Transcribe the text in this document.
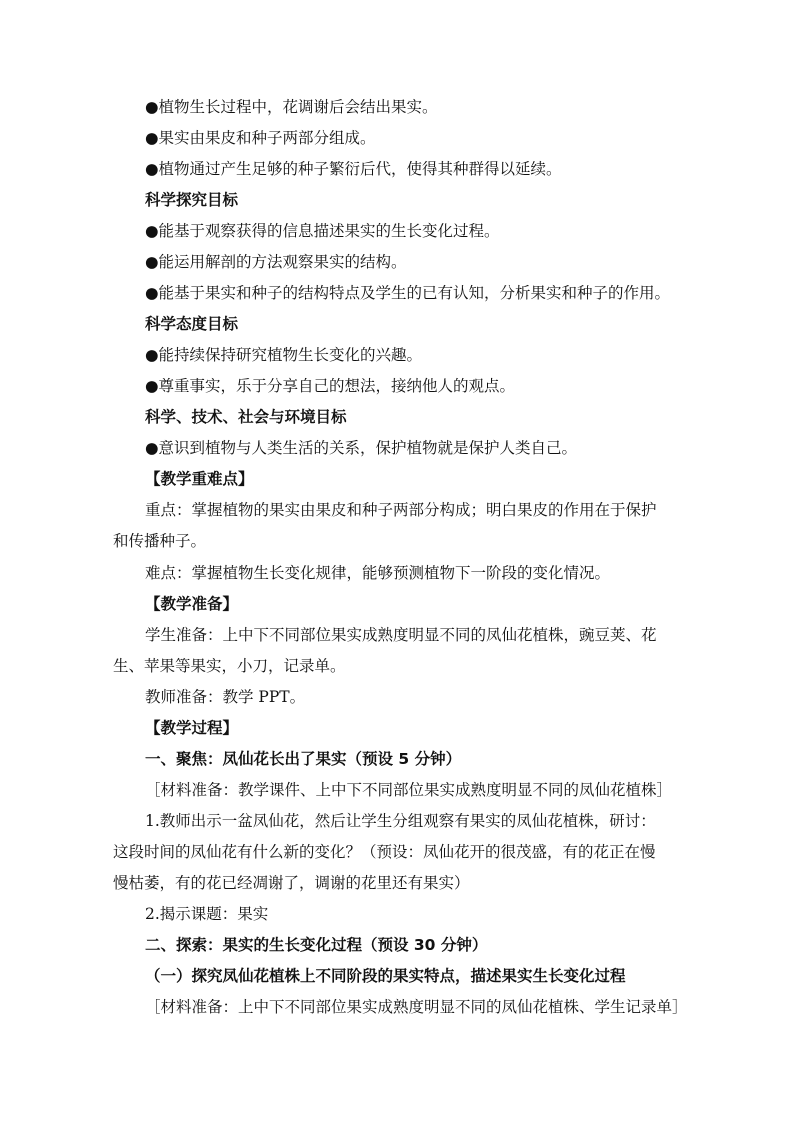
●植物生长过程中，花调谢后会结出果实。
●果实由果皮和种子两部分组成。
●植物通过产生足够的种子繁衍后代，使得其种群得以延续。
科学探究目标
●能基于观察获得的信息描述果实的生长变化过程。
●能运用解剖的方法观察果实的结构。
●能基于果实和种子的结构特点及学生的已有认知，分析果实和种子的作用。
科学态度目标
●能持续保持研究植物生长变化的兴趣。
●尊重事实，乐于分享自己的想法，接纳他人的观点。
科学、技术、社会与环境目标
●意识到植物与人类生活的关系，保护植物就是保护人类自己。
【教学重难点】
重点：掌握植物的果实由果皮和种子两部分构成；明白果皮的作用在于保护
和传播种子。
难点：掌握植物生长变化规律，能够预测植物下一阶段的变化情况。
【教学准备】
学生准备：上中下不同部位果实成熟度明显不同的凤仙花植株，豌豆荚、花
生、苹果等果实，小刀，记录单。
教师准备：教学 PPT。
【教学过程】
一、聚焦：凤仙花长出了果实（预设 5 分钟）
［材料准备：教学课件、上中下不同部位果实成熟度明显不同的凤仙花植株］
1.教师出示一盆凤仙花，然后让学生分组观察有果实的凤仙花植株，研讨：
这段时间的凤仙花有什么新的变化？（预设：凤仙花开的很茂盛，有的花正在慢
慢枯萎，有的花已经凋谢了，调谢的花里还有果实）
2.揭示课题：果实
二、探索：果实的生长变化过程（预设 30 分钟）
（一）探究凤仙花植株上不同阶段的果实特点，描述果实生长变化过程
［材料准备：上中下不同部位果实成熟度明显不同的凤仙花植株、学生记录单］
